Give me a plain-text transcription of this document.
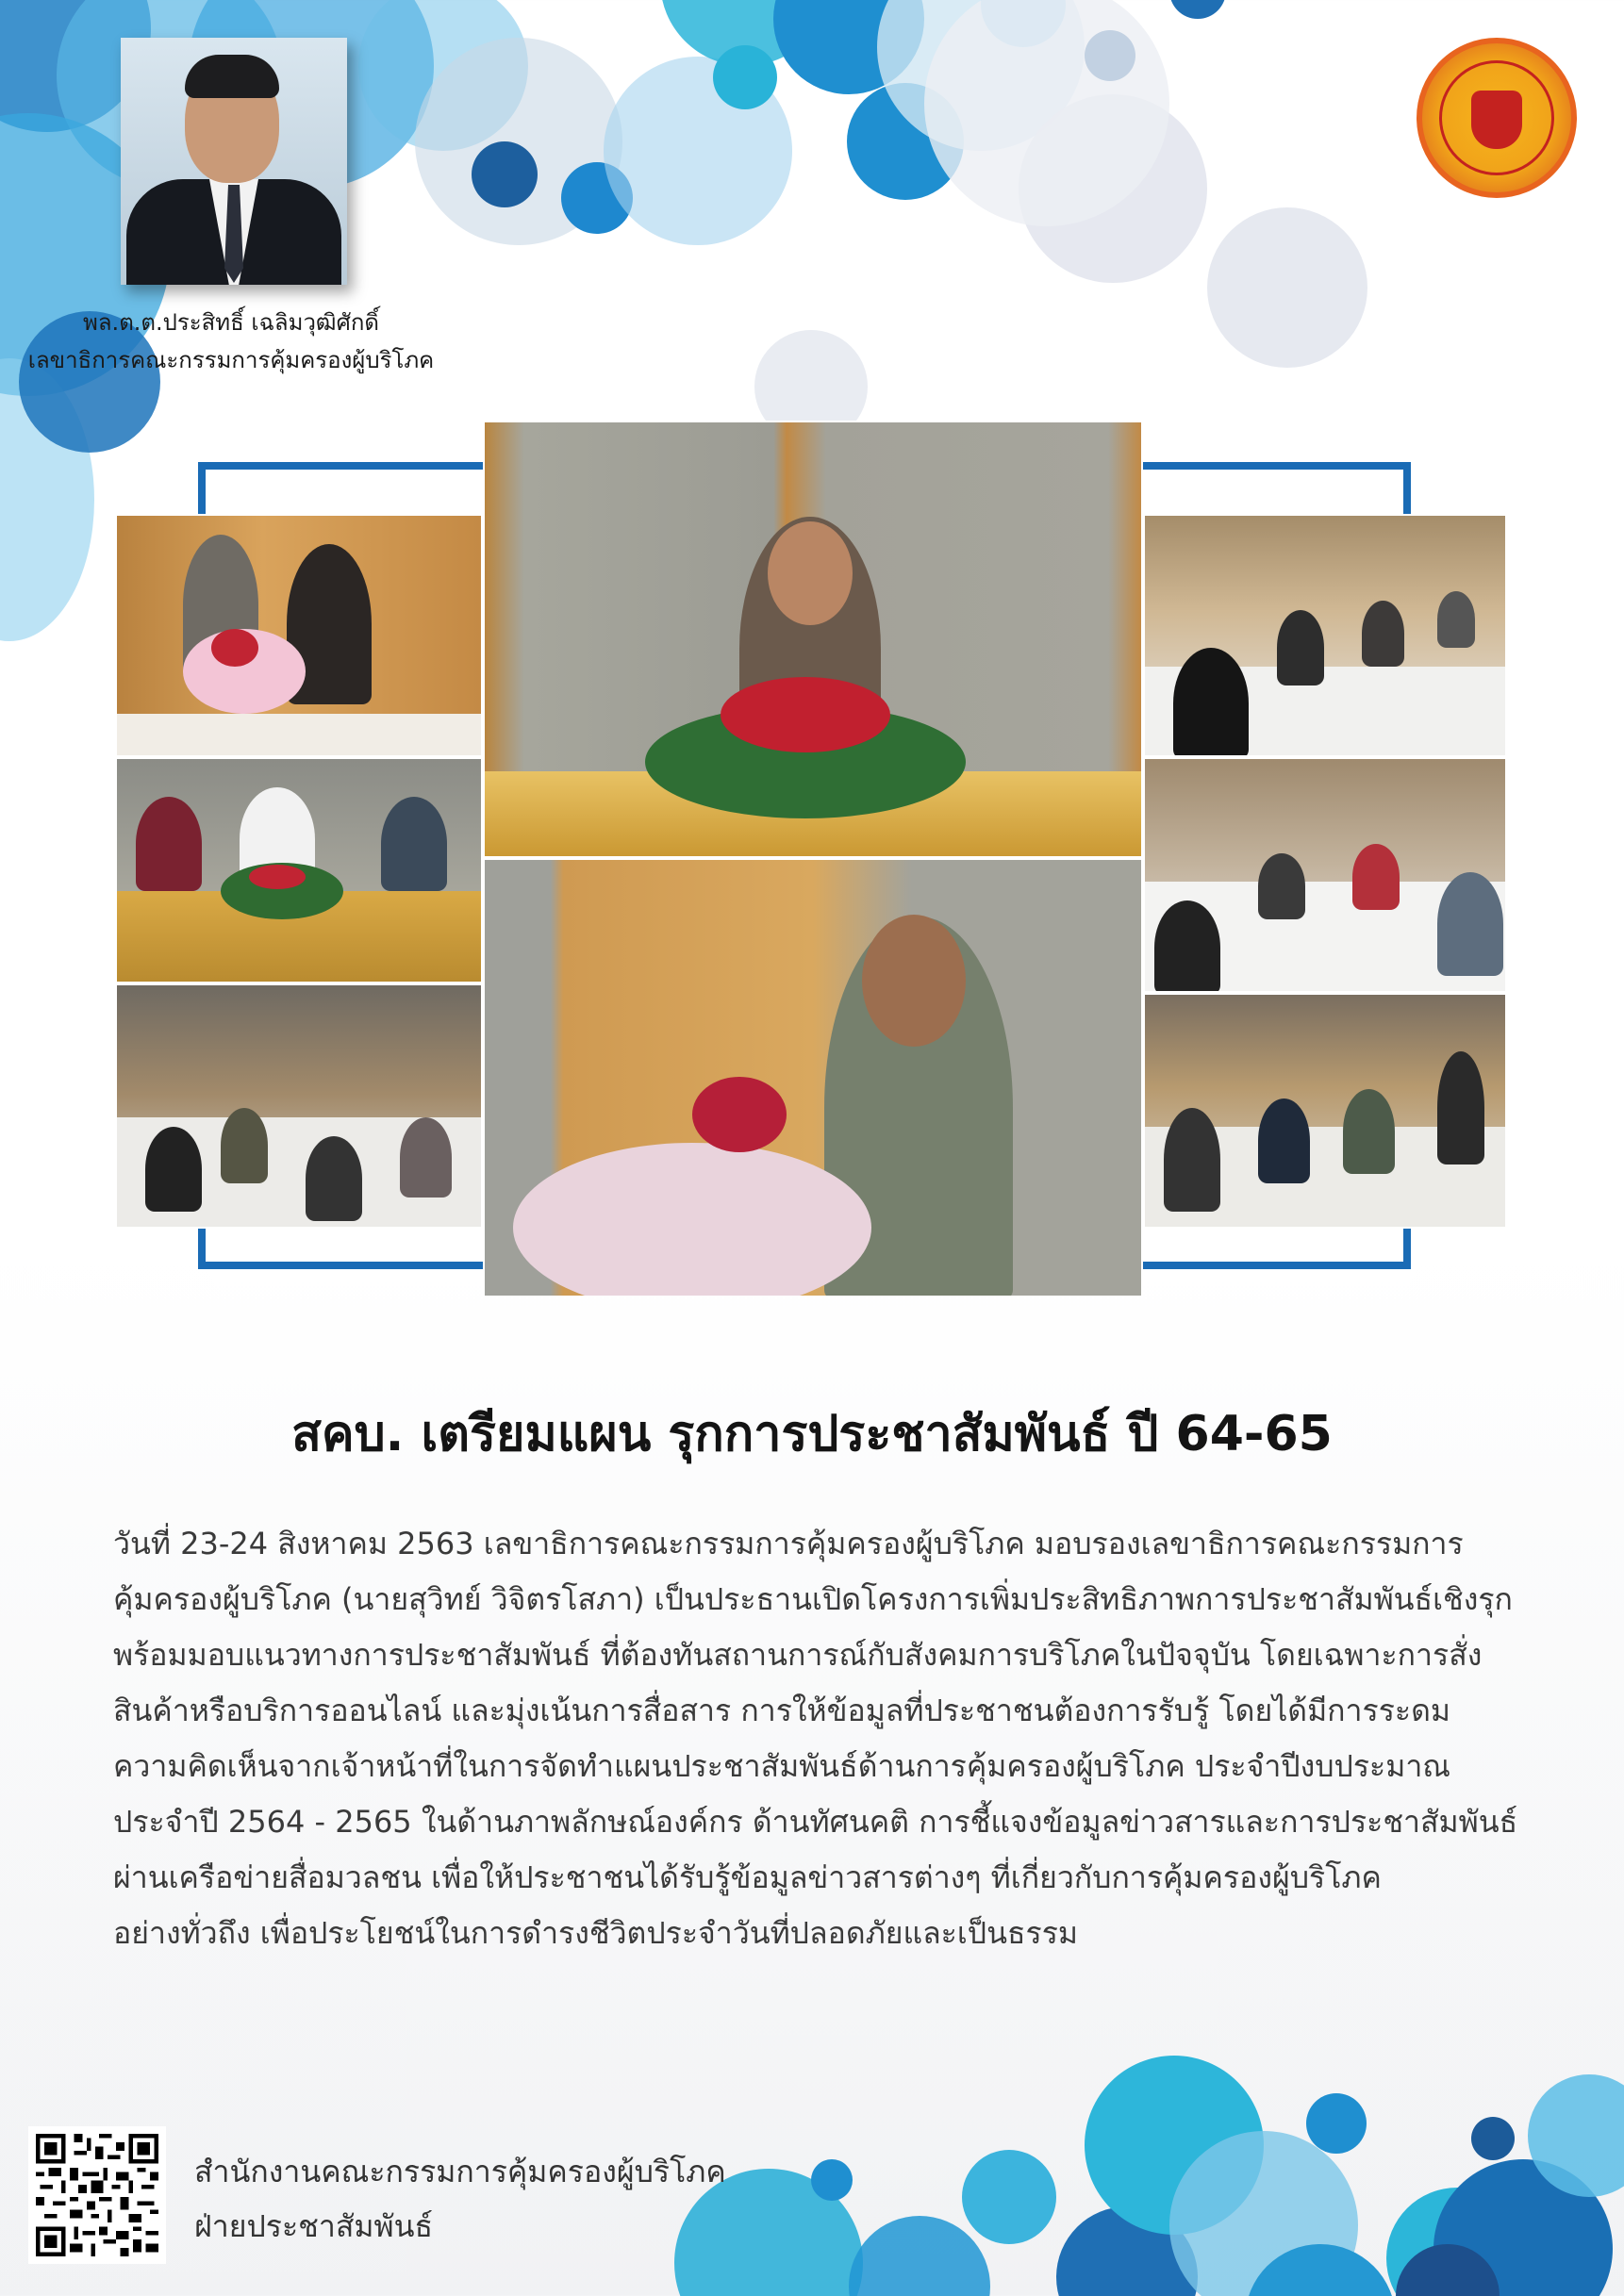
พล.ต.ต.ประสิทธิ์ เฉลิมวุฒิศักดิ์
เลขาธิการคณะกรรมการคุ้มครองผู้บริโภค
สคบ. เตรียมแผน รุกการประชาสัมพันธ์ ปี 64-65
วันที่ 23-24 สิงหาคม 2563 เลขาธิการคณะกรรมการคุ้มครองผู้บริโภค มอบรองเลขาธิการคณะกรรมการ
คุ้มครองผู้บริโภค (นายสุวิทย์ วิจิตรโสภา) เป็นประธานเปิดโครงการเพิ่มประสิทธิภาพการประชาสัมพันธ์เชิงรุก
พร้อมมอบแนวทางการประชาสัมพันธ์ ที่ต้องทันสถานการณ์กับสังคมการบริโภคในปัจจุบัน โดยเฉพาะการสั่ง
สินค้าหรือบริการออนไลน์ และมุ่งเน้นการสื่อสาร การให้ข้อมูลที่ประชาชนต้องการรับรู้ โดยได้มีการระดม
ความคิดเห็นจากเจ้าหน้าที่ในการจัดทำแผนประชาสัมพันธ์ด้านการคุ้มครองผู้บริโภค ประจำปีงบประมาณ
ประจำปี 2564 - 2565 ในด้านภาพลักษณ์องค์กร ด้านทัศนคติ การชี้แจงข้อมูลข่าวสารและการประชาสัมพันธ์
ผ่านเครือข่ายสื่อมวลชน เพื่อให้ประชาชนได้รับรู้ข้อมูลข่าวสารต่างๆ ที่เกี่ยวกับการคุ้มครองผู้บริโภค
อย่างทั่วถึง เพื่อประโยชน์ในการดำรงชีวิตประจำวันที่ปลอดภัยและเป็นธรรม
สำนักงานคณะกรรมการคุ้มครองผู้บริโภค
ฝ่ายประชาสัมพันธ์
